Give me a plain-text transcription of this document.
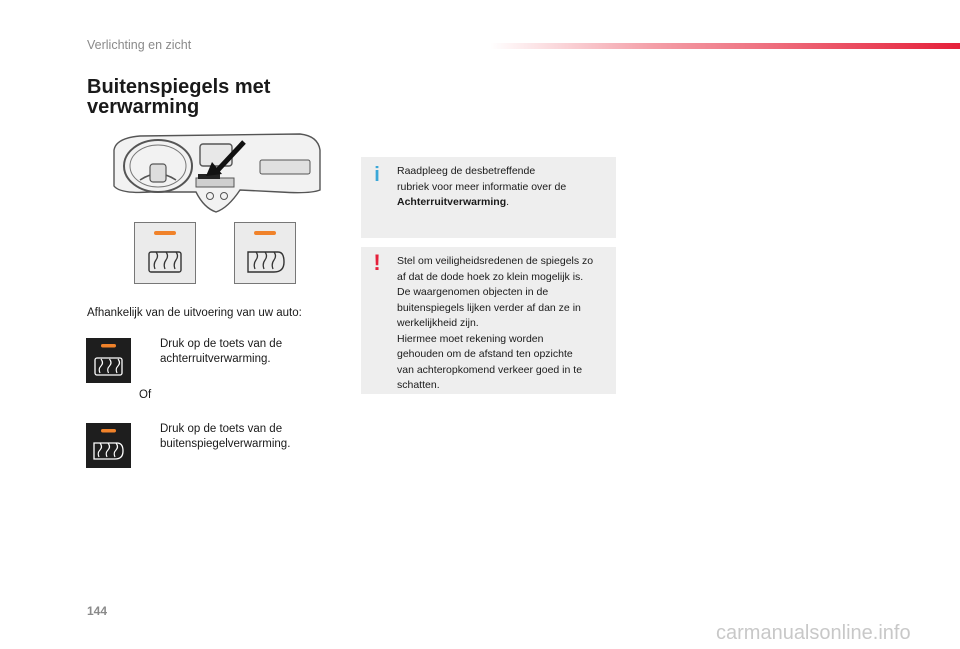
Verlichting en zicht
Buitenspiegels met
verwarming
Afhankelijk van de uitvoering van uw auto:
Druk op de toets van de
achterruitverwarming.
Of
Druk op de toets van de
buitenspiegelverwarming.
i	Raadpleeg de desbetreffende
rubriek voor meer informatie over de
Achterruitverwarming.
!	Stel om veiligheidsredenen de spiegels zo
af dat de dode hoek zo klein mogelijk is.
De waargenomen objecten in de
buitenspiegels lijken verder af dan ze in
werkelijkheid zijn.
Hiermee moet rekening worden
gehouden om de afstand ten opzichte
van achteropkomend verkeer goed in te
schatten.
144
carmanualsonline.info
